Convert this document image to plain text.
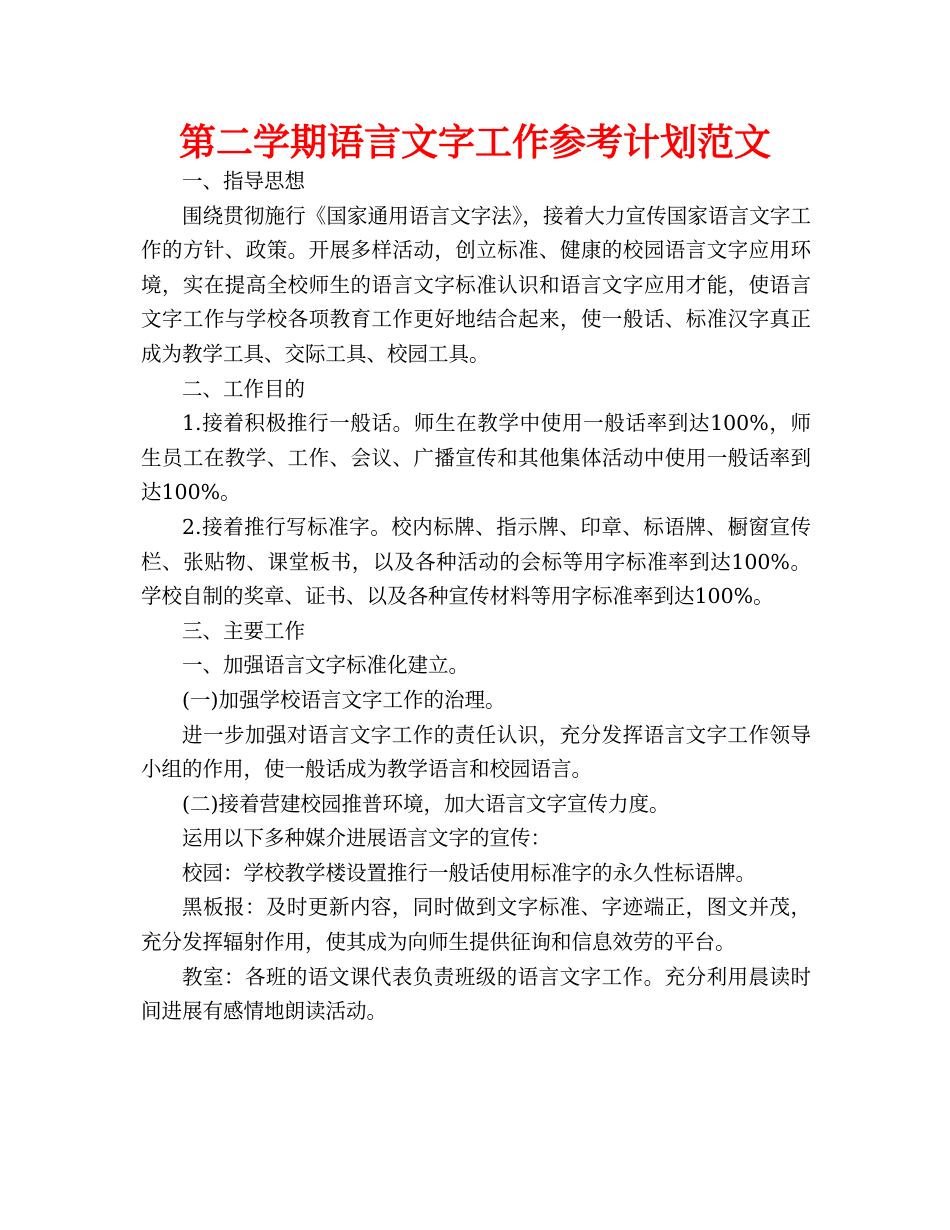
第二学期语言文字工作参考计划范文

一、指导思想

围绕贯彻施行《国家通用语言文字法》，接着大力宣传国家语言文字工作的方针、政策。开展多样活动，创立标准、健康的校园语言文字应用环境，实在提高全校师生的语言文字标准认识和语言文字应用才能，使语言文字工作与学校各项教育工作更好地结合起来，使一般话、标准汉字真正成为教学工具、交际工具、校园工具。

二、工作目的

1.接着积极推行一般话。师生在教学中使用一般话率到达100%，师生员工在教学、工作、会议、广播宣传和其他集体活动中使用一般话率到达100%。

2.接着推行写标准字。校内标牌、指示牌、印章、标语牌、橱窗宣传栏、张贴物、课堂板书，以及各种活动的会标等用字标准率到达100%。学校自制的奖章、证书、以及各种宣传材料等用字标准率到达100%。

三、主要工作

一、加强语言文字标准化建立。

(一)加强学校语言文字工作的治理。

进一步加强对语言文字工作的责任认识，充分发挥语言文字工作领导小组的作用，使一般话成为教学语言和校园语言。

(二)接着营建校园推普环境，加大语言文字宣传力度。

运用以下多种媒介进展语言文字的宣传：

校园：学校教学楼设置推行一般话使用标准字的永久性标语牌。

黑板报：及时更新内容，同时做到文字标准、字迹端正，图文并茂，充分发挥辐射作用，使其成为向师生提供征询和信息效劳的平台。

教室：各班的语文课代表负责班级的语言文字工作。充分利用晨读时间进展有感情地朗读活动。
